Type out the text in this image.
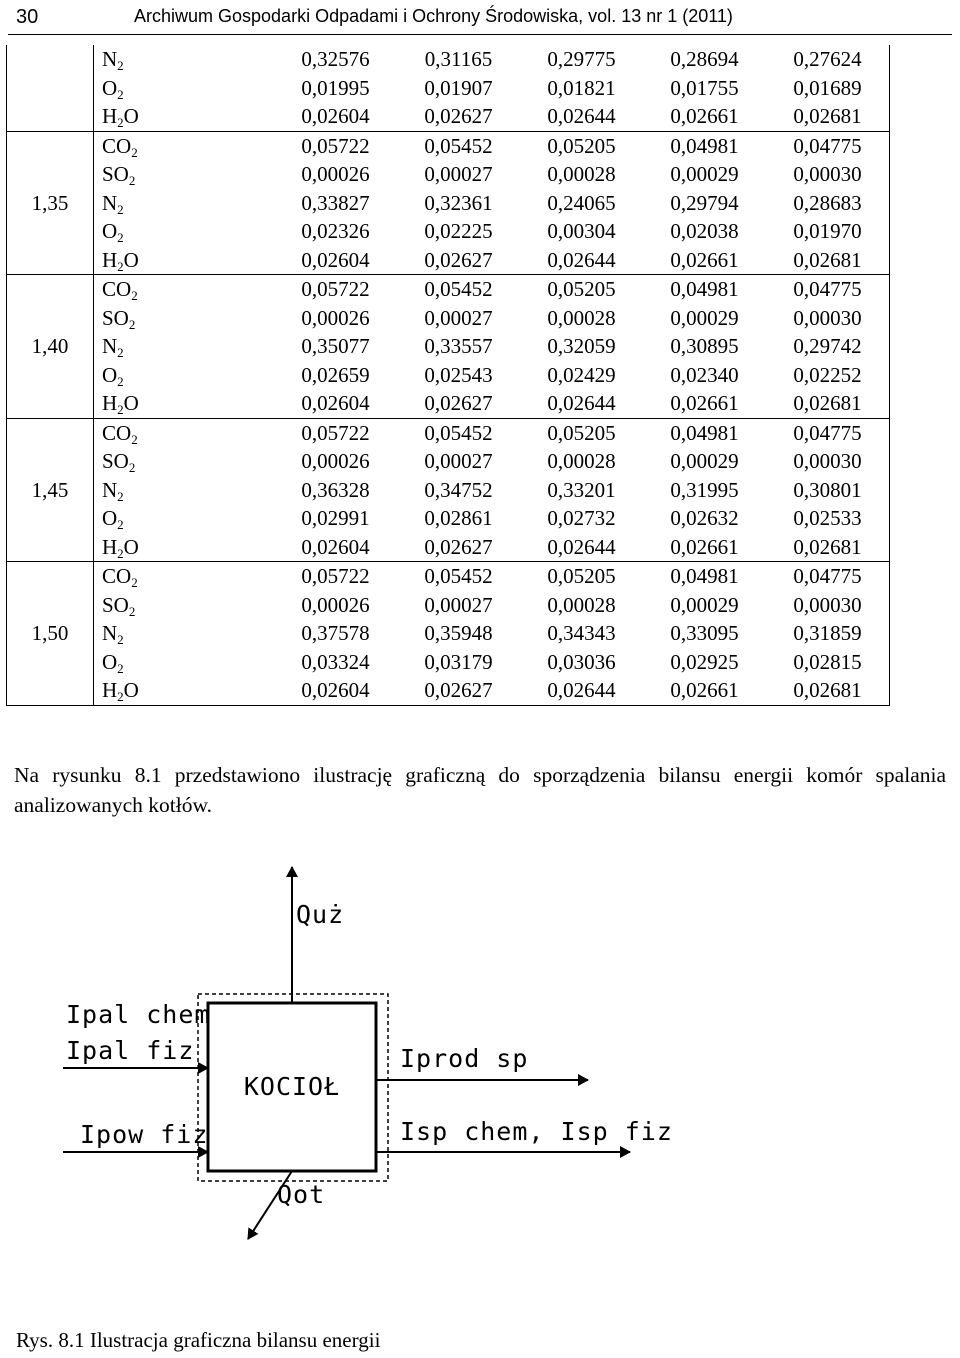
30	Archiwum Gospodarki Odpadami i Ochrony Środowiska, vol. 13 nr 1 (2011)
	$N_2$	0,32576	0,31165	0,29775	0,28694	0,27624
	$O_2$	0,01995	0,01907	0,01821	0,01755	0,01689
	$H_2O$	0,02604	0,02627	0,02644	0,02661	0,02681
1,35	$CO_2$	0,05722	0,05452	0,05205	0,04981	0,04775
	$SO_2$	0,00026	0,00027	0,00028	0,00029	0,00030
	$N_2$	0,33827	0,32361	0,24065	0,29794	0,28683
	$O_2$	0,02326	0,02225	0,00304	0,02038	0,01970
	$H_2O$	0,02604	0,02627	0,02644	0,02661	0,02681
1,40	$CO_2$	0,05722	0,05452	0,05205	0,04981	0,04775
	$SO_2$	0,00026	0,00027	0,00028	0,00029	0,00030
	$N_2$	0,35077	0,33557	0,32059	0,30895	0,29742
	$O_2$	0,02659	0,02543	0,02429	0,02340	0,02252
	$H_2O$	0,02604	0,02627	0,02644	0,02661	0,02681
1,45	$CO_2$	0,05722	0,05452	0,05205	0,04981	0,04775
	$SO_2$	0,00026	0,00027	0,00028	0,00029	0,00030
	$N_2$	0,36328	0,34752	0,33201	0,31995	0,30801
	$O_2$	0,02991	0,02861	0,02732	0,02632	0,02533
	$H_2O$	0,02604	0,02627	0,02644	0,02661	0,02681
1,50	$CO_2$	0,05722	0,05452	0,05205	0,04981	0,04775
	$SO_2$	0,00026	0,00027	0,00028	0,00029	0,00030
	$N_2$	0,37578	0,35948	0,34343	0,33095	0,31859
	$O_2$	0,03324	0,03179	0,03036	0,02925	0,02815
	$H_2O$	0,02604	0,02627	0,02644	0,02661	0,02681
Na rysunku 8.1 przedstawiono ilustrację graficzną do sporządzenia bilansu energii komór spalania analizowanych kotłów.
KOCIOŁ
Quż
Ipal chem
Ipal fiz
Ipow fiz
Iprod sp
Isp chem, Isp fiz
Qot
Rys. 8.1 Ilustracja graficzna bilansu energii
